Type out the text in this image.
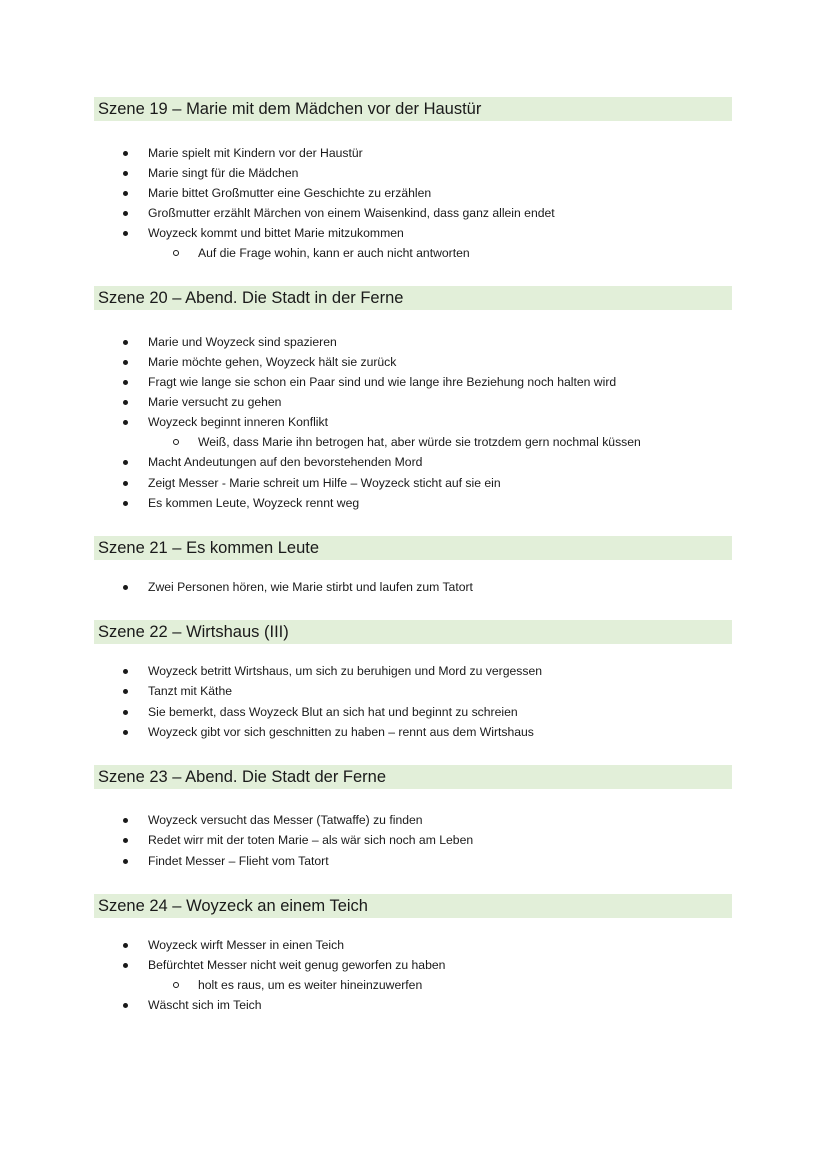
Szene 19 – Marie mit dem Mädchen vor der Haustür
Marie spielt mit Kindern vor der Haustür
Marie singt für die Mädchen
Marie bittet Großmutter eine Geschichte zu erzählen
Großmutter erzählt Märchen von einem Waisenkind, dass ganz allein endet
Woyzeck kommt und bittet Marie mitzukommen
Auf die Frage wohin, kann er auch nicht antworten
Szene 20 – Abend. Die Stadt in der Ferne
Marie und Woyzeck sind spazieren
Marie möchte gehen, Woyzeck hält sie zurück
Fragt wie lange sie schon ein Paar sind und wie lange ihre Beziehung noch halten wird
Marie versucht zu gehen
Woyzeck beginnt inneren Konflikt
Weiß, dass Marie ihn betrogen hat, aber würde sie trotzdem gern nochmal küssen
Macht Andeutungen auf den bevorstehenden Mord
Zeigt Messer - Marie schreit um Hilfe – Woyzeck sticht auf sie ein
Es kommen Leute, Woyzeck rennt weg
Szene 21 – Es kommen Leute
Zwei Personen hören, wie Marie stirbt und laufen zum Tatort
Szene 22 – Wirtshaus (III)
Woyzeck betritt Wirtshaus, um sich zu beruhigen und Mord zu vergessen
Tanzt mit Käthe
Sie bemerkt, dass Woyzeck Blut an sich hat und beginnt zu schreien
Woyzeck gibt vor sich geschnitten zu haben – rennt aus dem Wirtshaus
Szene 23 – Abend. Die Stadt der Ferne
Woyzeck versucht das Messer (Tatwaffe) zu finden
Redet wirr mit der toten Marie – als wär sich noch am Leben
Findet Messer – Flieht vom Tatort
Szene 24 – Woyzeck an einem Teich
Woyzeck wirft Messer in einen Teich
Befürchtet Messer nicht weit genug geworfen zu haben
holt es raus, um es weiter hineinzuwerfen
Wäscht sich im Teich
